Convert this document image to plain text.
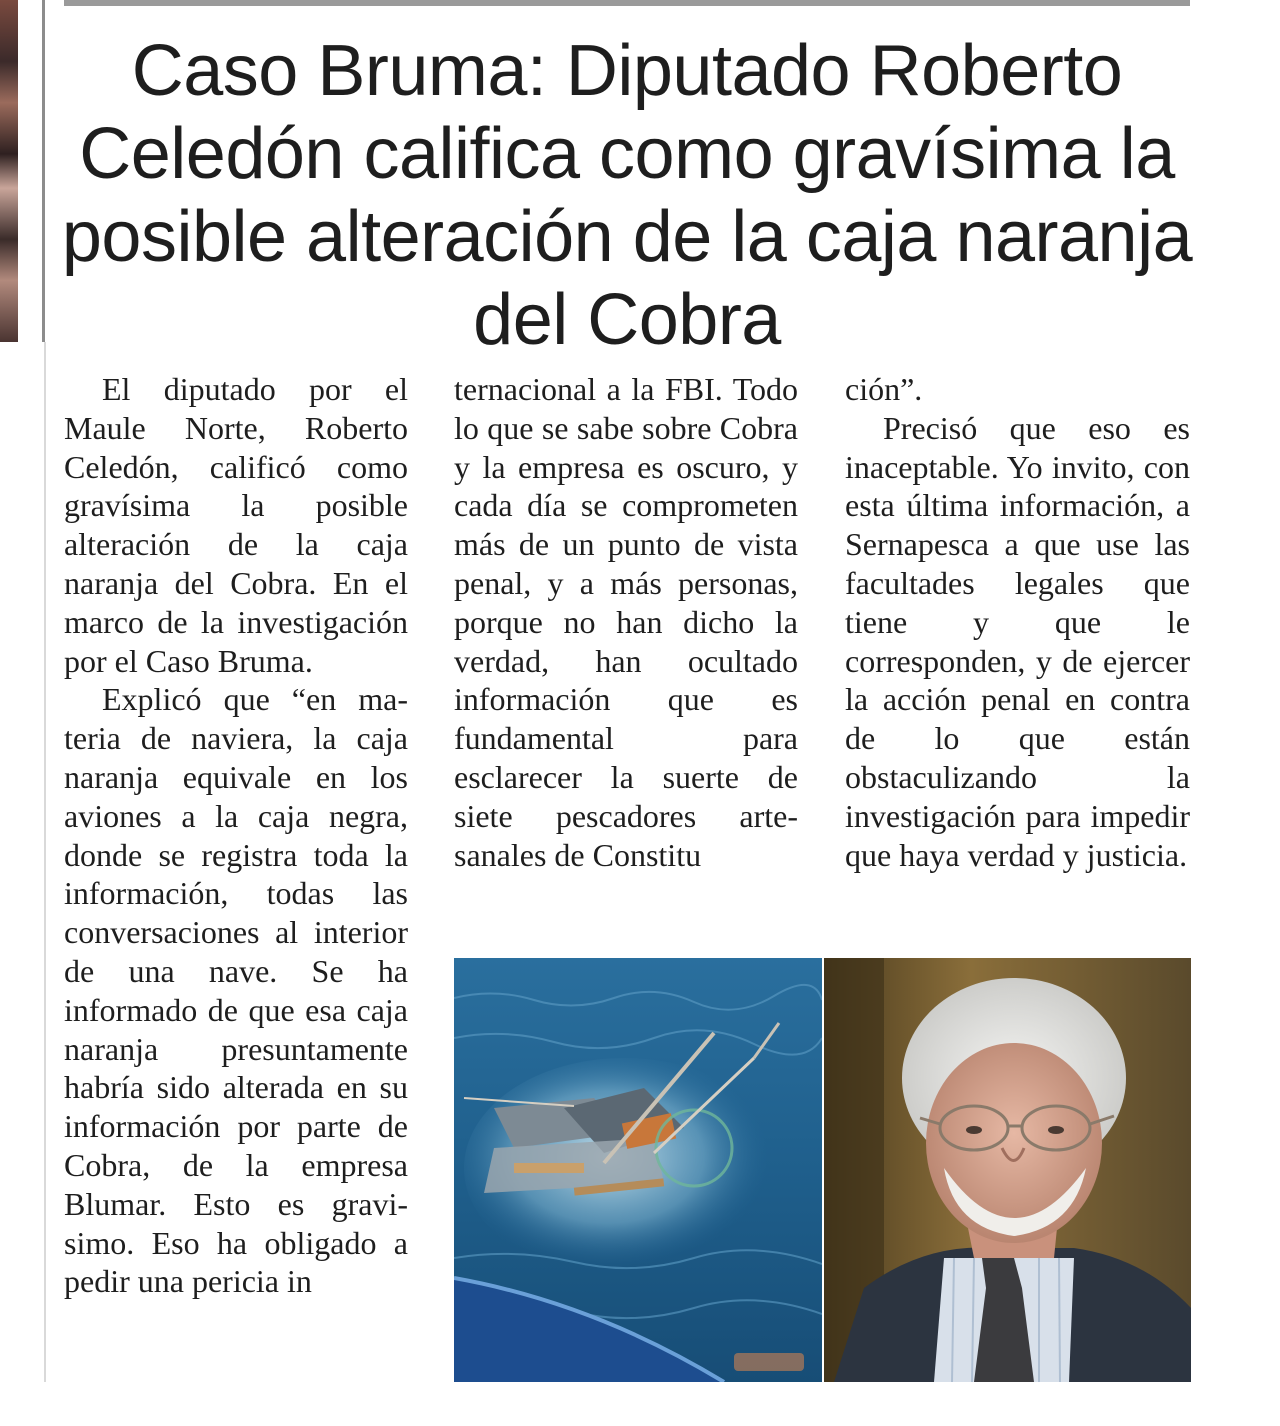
Caso Bruma: Diputado Roberto Celedón califica como gravísima la posible alteración de la caja naranja del Cobra

El diputado por el Maule Norte, Roberto Celedón, calificó como gravísima la posible alteración de la caja naranja del Cobra. En el marco de la investigación por el Caso Bruma.

Explicó que “en materia de naviera, la caja naranja equivale en los aviones a la caja negra, donde se registra toda la información, todas las conversaciones al interior de una nave. Se ha informado de que esa caja naranja presuntamente habría sido alterada en su información por parte de Cobra, de la empresa Blumar. Esto es gravisimo. Eso ha obligado a pedir una pericia in

ternacional a la FBI. Todo lo que se sabe sobre Cobra y la empresa es oscuro, y cada día se comprometen más de un punto de vista penal, y a más personas, porque no han dicho la verdad, han ocultado información que es fundamental para esclarecer la suerte de siete pescadores artesanales de Constitu

ción”.

Precisó que eso es inaceptable. Yo invito, con esta última información, a Sernapesca a que use las facultades legales que tiene y que le corresponden, y de ejercer la acción penal en contra de lo que están obstaculizando la investigación para impedir que haya verdad y justicia.
